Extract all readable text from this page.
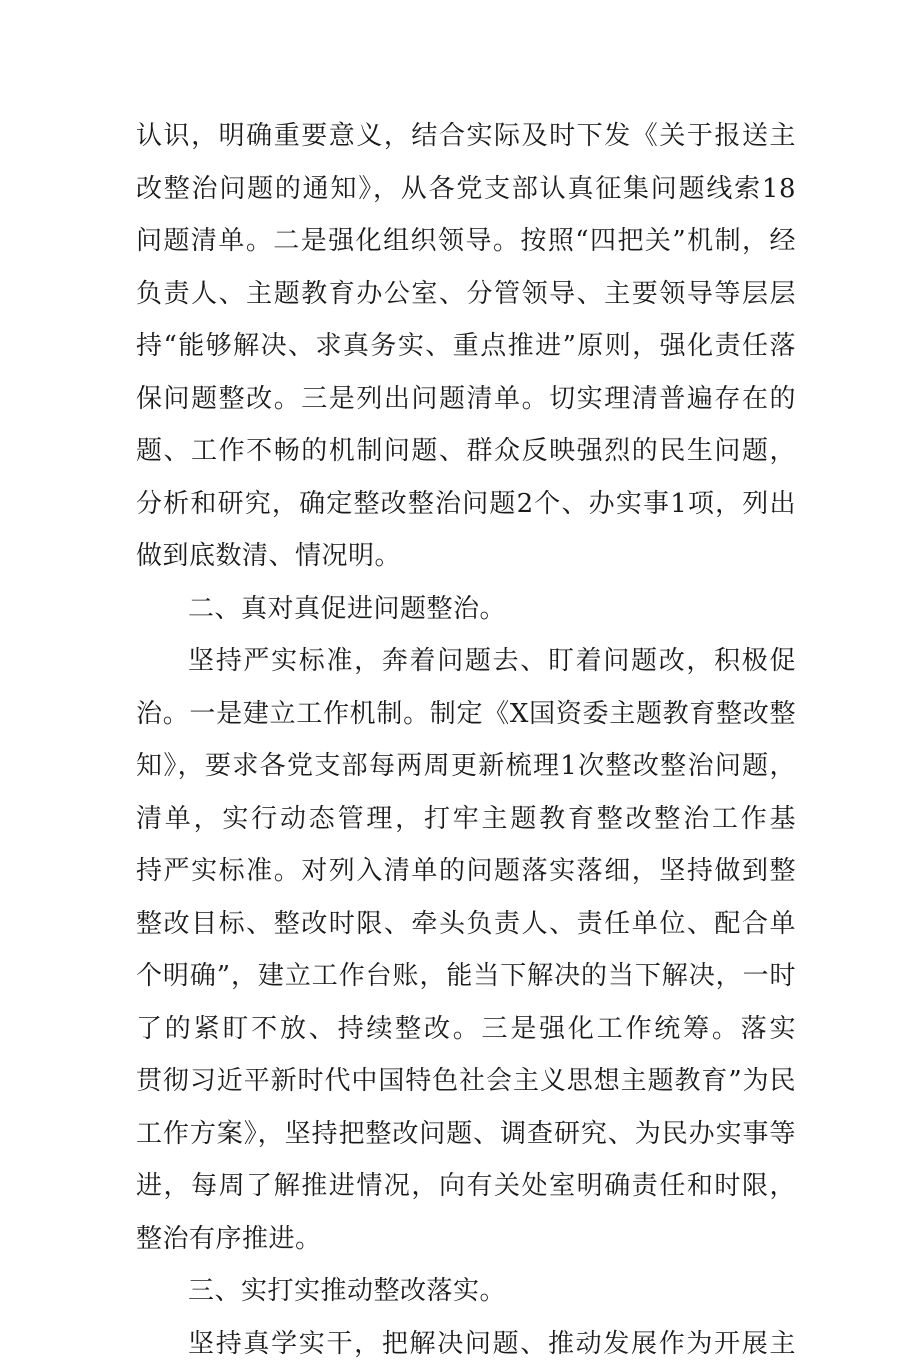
认识，明确重要意义，结合实际及时下发《关于报送主
改整治问题的通知》，从各党支部认真征集问题线索18
问题清单。二是强化组织领导。按照“四把关”机制，经
负责人、主题教育办公室、分管领导、主要领导等层层
持“能够解决、求真务实、重点推进”原则，强化责任落
保问题整改。三是列出问题清单。切实理清普遍存在的
题、工作不畅的机制问题、群众反映强烈的民生问题，
分析和研究，确定整改整治问题2个、办实事1项，列出
做到底数清、情况明。
二、真对真促进问题整治。
坚持严实标准，奔着问题去、盯着问题改，积极促
治。一是建立工作机制。制定《X国资委主题教育整改整
知》，要求各党支部每两周更新梳理1次整改整治问题，
清单，实行动态管理，打牢主题教育整改整治工作基
持严实标准。对列入清单的问题落实落细，坚持做到整
整改目标、整改时限、牵头负责人、责任单位、配合单
个明确”，建立工作台账，能当下解决的当下解决，一时
了的紧盯不放、持续整改。三是强化工作统筹。落实
贯彻习近平新时代中国特色社会主义思想主题教育”为民
工作方案》，坚持把整改问题、调查研究、为民办实事等
进，每周了解推进情况，向有关处室明确责任和时限，
整治有序推进。
三、实打实推动整改落实。
坚持真学实干，把解决问题、推动发展作为开展主
